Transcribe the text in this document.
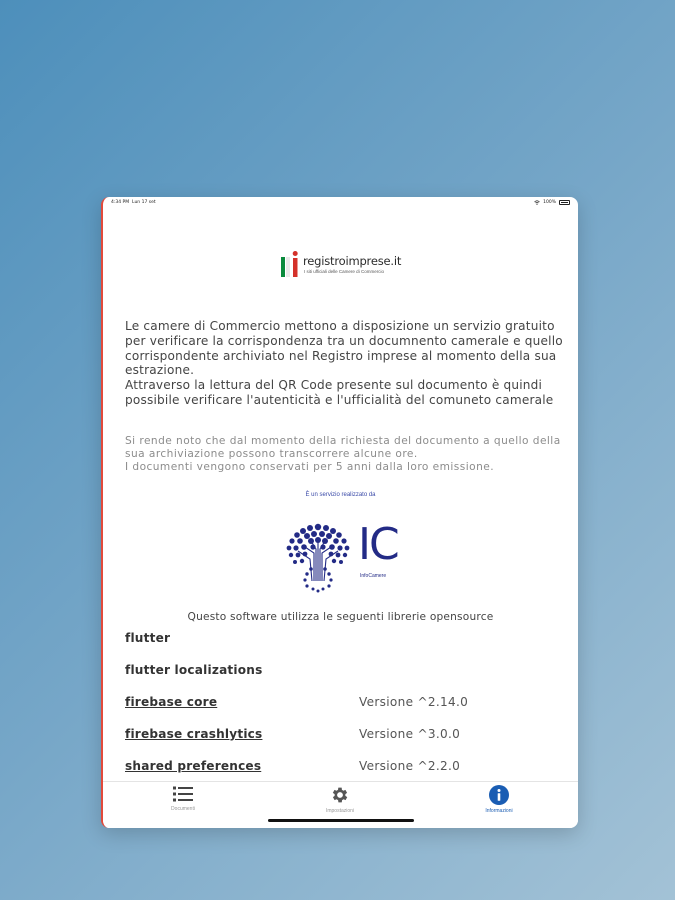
4:34 PM Lun 17 set	100%
registroimprese.it
I siti ufficiali delle Camere di Commercio

Le camere di Commercio mettono a disposizione un servizio gratuito per verificare la corrispondenza tra un documnento camerale e quello corrispondente archiviato nel Registro imprese al momento della sua estrazione.

Attraverso la lettura del QR Code presente sul documento è quindi possibile verificare l'autenticità e l'ufficialità del comuneto camerale

Si rende noto che dal momento della richiesta del documento a quello della sua archiviazione possono transcorrere alcune ore.

I documenti vengono conservati per 5 anni dalla loro emissione.

È un servizio realizzato da
IC
InfoCamere
Questo software utilizza le seguenti librerie opensource
flutter
flutter localizations
firebase core	Versione ^2.14.0
firebase crashlytics	Versione ^3.0.0
shared preferences	Versione ^2.2.0
Documenti	Impostazioni	Informazioni
